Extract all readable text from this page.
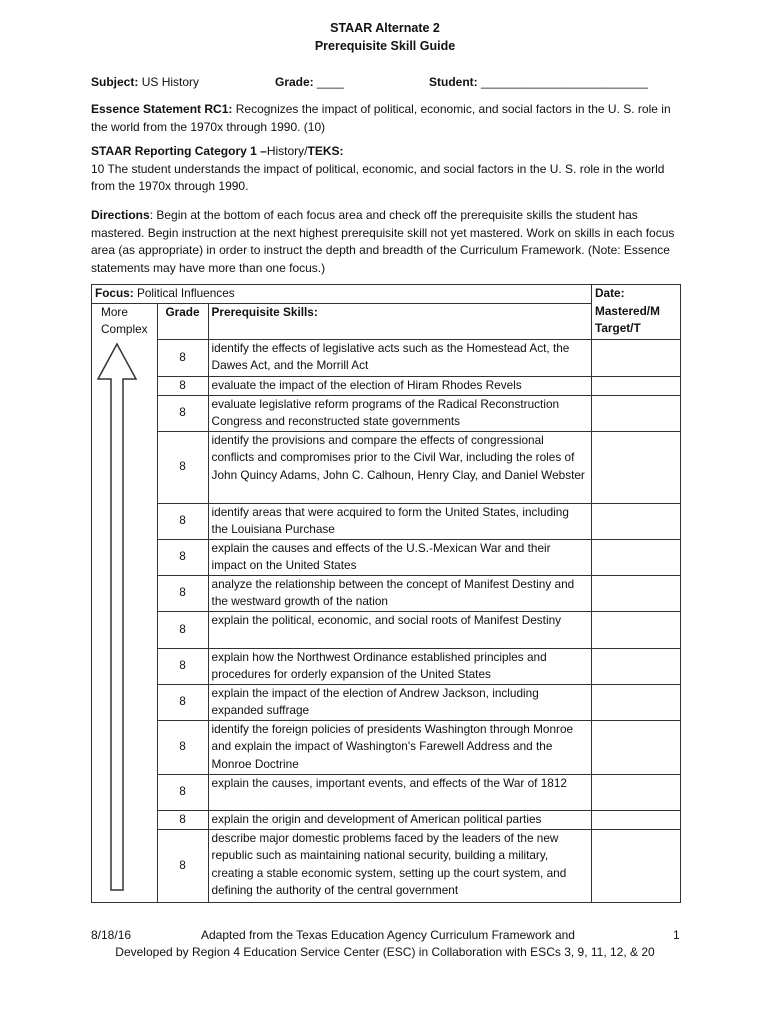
STAAR Alternate 2
Prerequisite Skill Guide
Subject: US History	Grade: ____	Student: _________________________
Essence Statement RC1: Recognizes the impact of political, economic, and social factors in the U. S. role in the world from the 1970x through 1990. (10)
STAAR Reporting Category 1 –History/TEKS:
10 The student understands the impact of political, economic, and social factors in the U. S. role in the world from the 1970x through 1990.
Directions: Begin at the bottom of each focus area and check off the prerequisite skills the student has mastered. Begin instruction at the next highest prerequisite skill not yet mastered. Work on skills in each focus area (as appropriate) in order to instruct the depth and breadth of the Curriculum Framework. (Note: Essence statements may have more than one focus.)
Focus: Political Influences			Date: Mastered/M Target/T

More Complex	Grade	Prerequisite Skills:	
	8	identify the effects of legislative acts such as the Homestead Act, the Dawes Act, and the Morrill Act	
	8	evaluate the impact of the election of Hiram Rhodes Revels	
	8	evaluate legislative reform programs of the Radical Reconstruction Congress and reconstructed state governments	
	8	identify the provisions and compare the effects of congressional conflicts and compromises prior to the Civil War, including the roles of John Quincy Adams, John C. Calhoun, Henry Clay, and Daniel Webster	
	8	identify areas that were acquired to form the United States, including the Louisiana Purchase	
	8	explain the causes and effects of the U.S.-Mexican War and their impact on the United States	
	8	analyze the relationship between the concept of Manifest Destiny and the westward growth of the nation	
	8	explain the political, economic, and social roots of Manifest Destiny	
	8	explain how the Northwest Ordinance established principles and procedures for orderly expansion of the United States	
	8	explain the impact of the election of Andrew Jackson, including expanded suffrage	
	8	identify the foreign policies of presidents Washington through Monroe and explain the impact of Washington's Farewell Address and the Monroe Doctrine	
	8	explain the causes, important events, and effects of the War of 1812	
	8	explain the origin and development of American political parties	
	8	describe major domestic problems faced by the leaders of the new republic such as maintaining national security, building a military, creating a stable economic system, setting up the court system, and defining the authority of the central government	
8/18/16	Adapted from the Texas Education Agency Curriculum Framework and	1
Developed by Region 4 Education Service Center (ESC) in Collaboration with ESCs 3, 9, 11, 12, & 20
